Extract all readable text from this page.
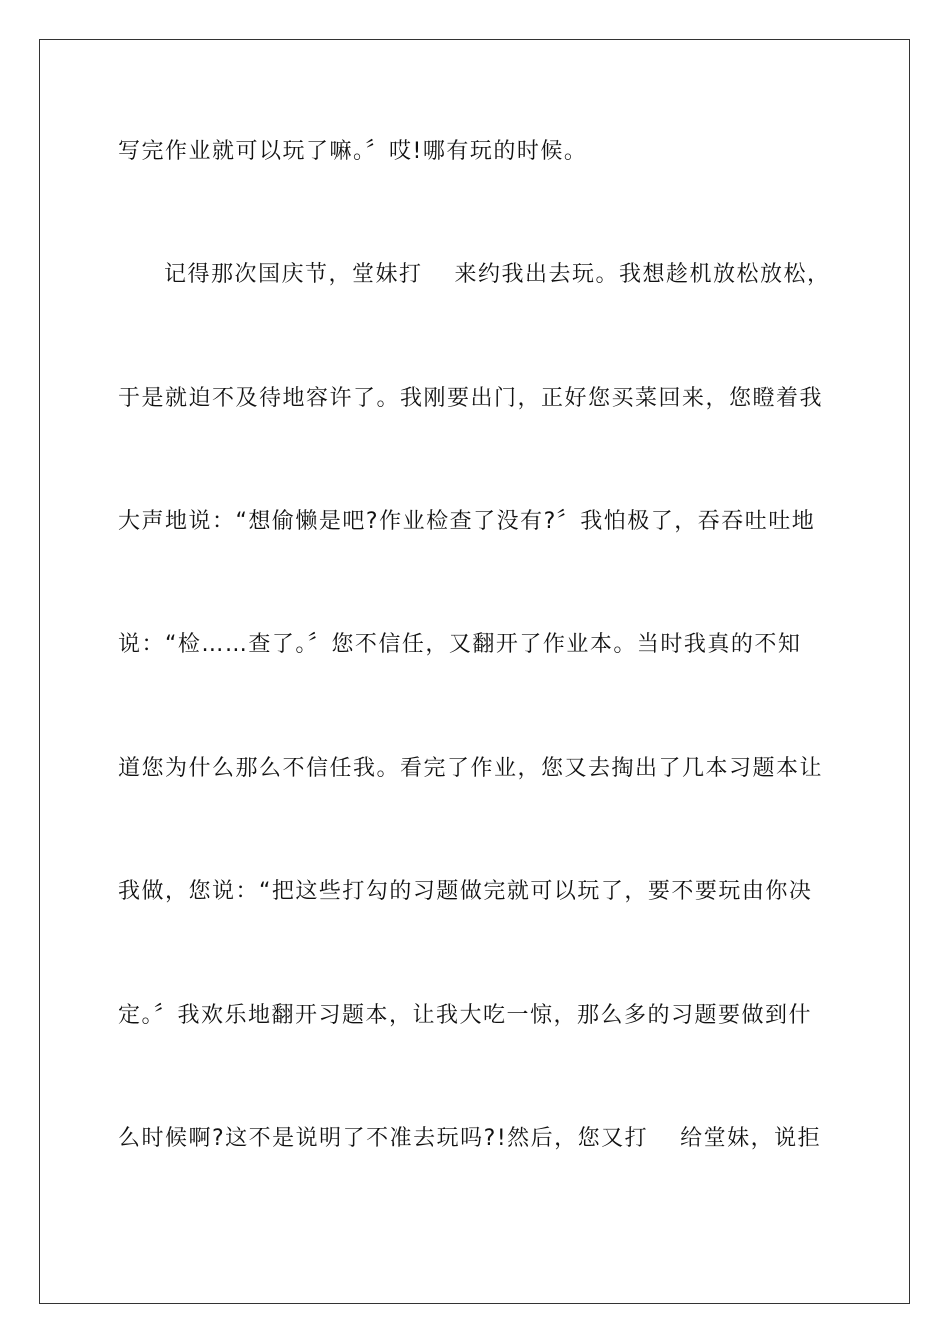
写完作业就可以玩了嘛。〞哎!哪有玩的时候。
记得那次国庆节，堂妹打　 来约我出去玩。我想趁机放松放松，
于是就迫不及待地容许了。我刚要出门，正好您买菜回来，您瞪着我
大声地说：“想偷懒是吧?作业检查了没有?〞我怕极了，吞吞吐吐地
说：“检……查了。〞您不信任，又翻开了作业本。当时我真的不知
道您为什么那么不信任我。看完了作业，您又去掏出了几本习题本让
我做，您说：“把这些打勾的习题做完就可以玩了，要不要玩由你决
定。〞我欢乐地翻开习题本，让我大吃一惊，那么多的习题要做到什
么时候啊?这不是说明了不准去玩吗?!然后，您又打　 给堂妹，说拒
